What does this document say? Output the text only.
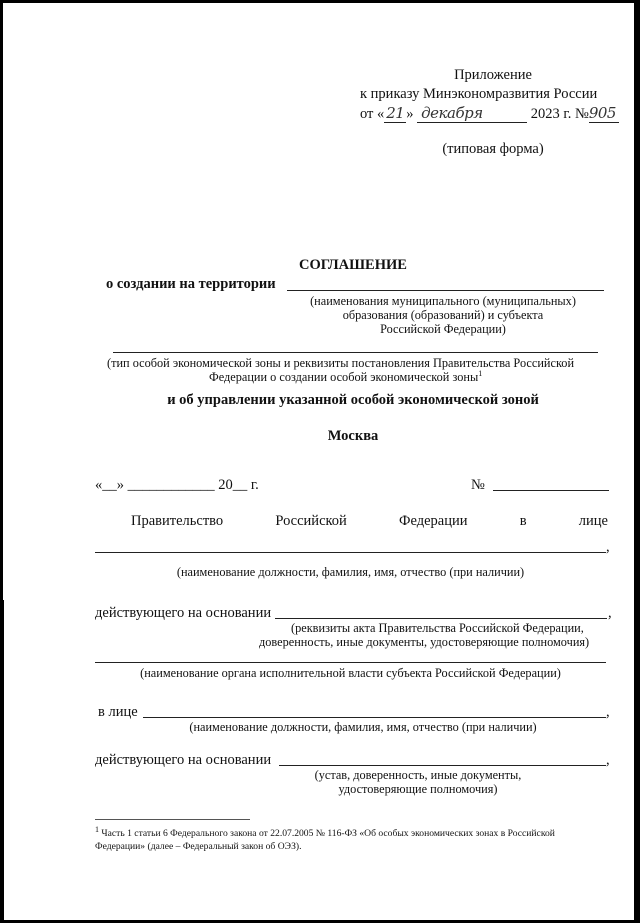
Приложение
к приказу Минэкономразвития России
от « 21 » декабря	2023 г. №905
(типовая форма)
СОГЛАШЕНИЕ
о создании на территории
(наименования муниципального (муниципальных)
образования (образований) и субъекта
Российской Федерации)
(тип особой экономической зоны и реквизиты постановления Правительства Российской
Федерации о создании особой экономической зоны$^1$
и об управлении указанной особой экономической зоной
Москва
«__» ____________ 20__ г.	№
Правительство	Российской	Федерации	в	лице
,
(наименование должности, фамилия, имя, отчество (при наличии)
действующего на основании	,
(реквизиты акта Правительства Российской Федерации,
доверенность, иные документы, удостоверяющие полномочия)
(наименование органа исполнительной власти субъекта Российской Федерации)
в лице	,
(наименование должности, фамилия, имя, отчество (при наличии)
действующего на основании	,
(устав, доверенность, иные документы,
удостоверяющие полномочия)
$^1$ Часть 1 статьи 6 Федерального закона от 22.07.2005 № 116-ФЗ «Об особых экономических зонах в Российской
Федерации» (далее – Федеральный закон об ОЭЗ).
